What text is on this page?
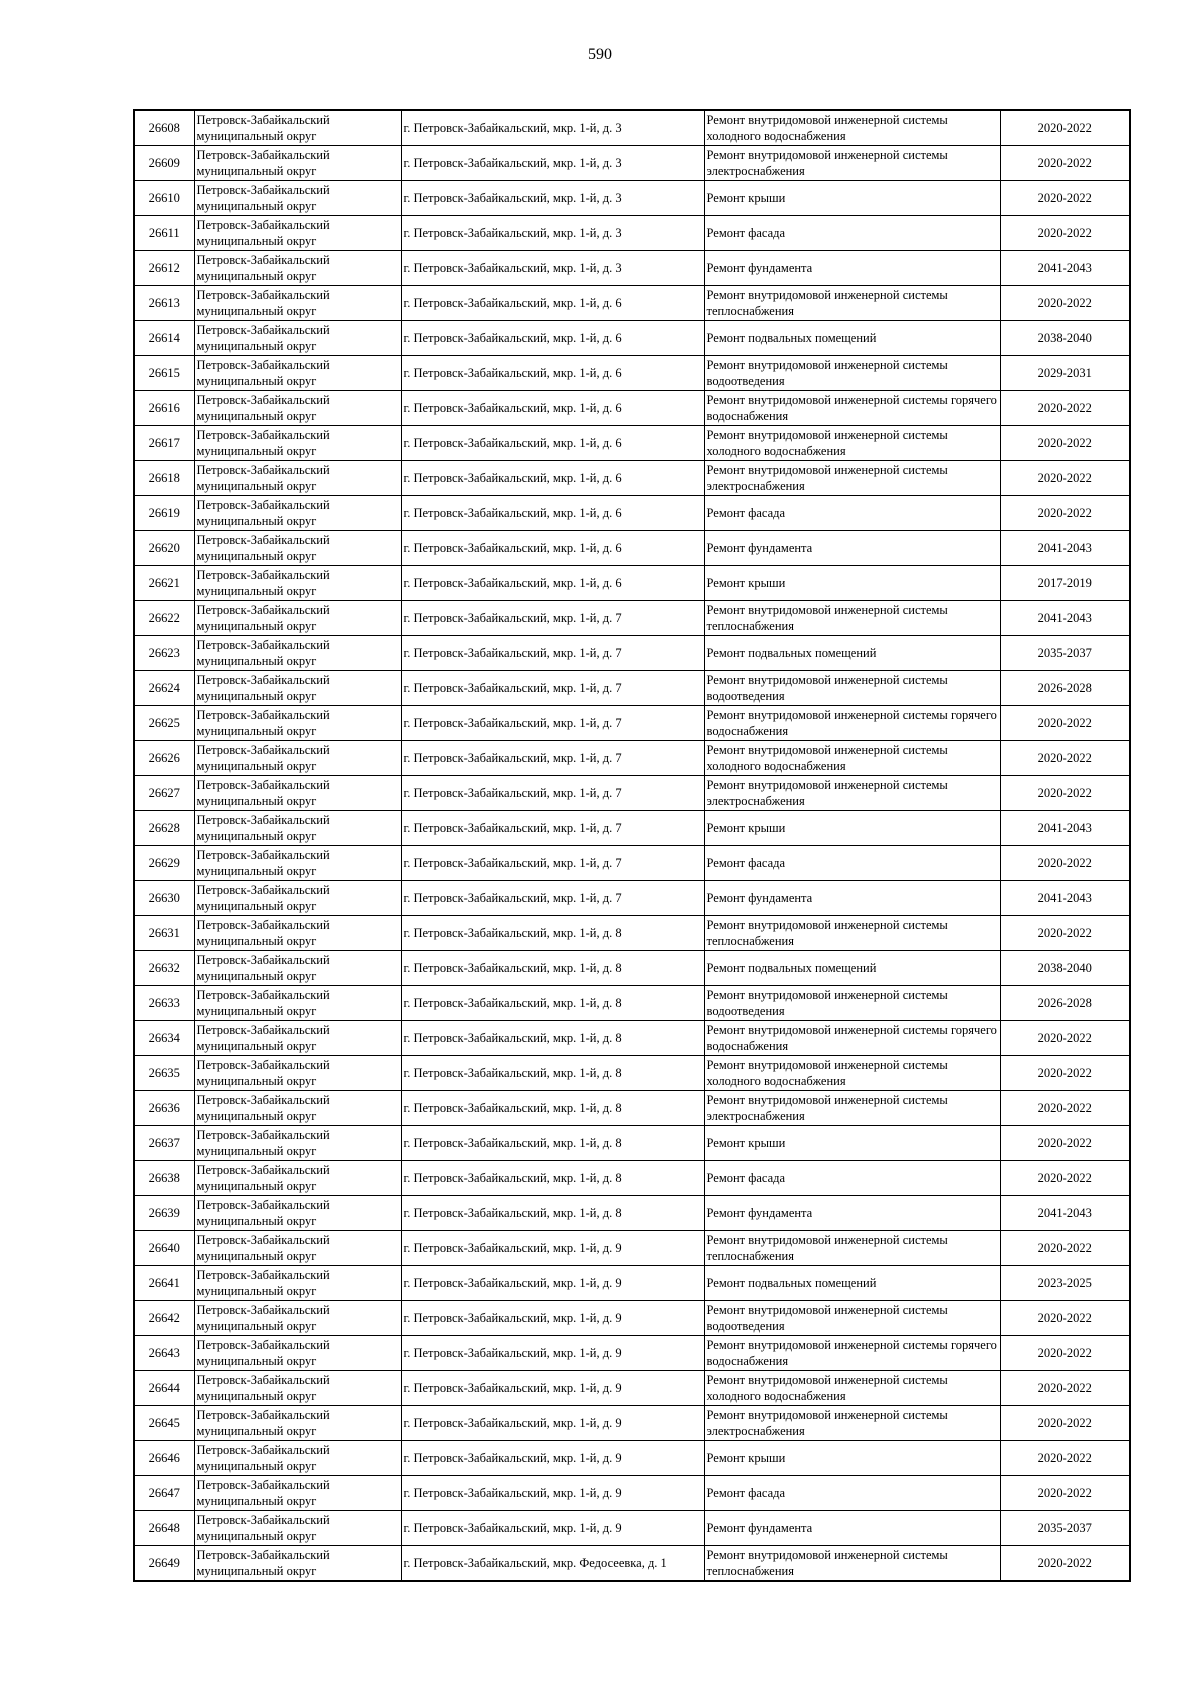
590
26608	Петровск-Забайкальский муниципальный округ	г. Петровск-Забайкальский, мкр. 1-й, д. 3	Ремонт внутридомовой инженерной системы холодного водоснабжения	2020-2022
26609	Петровск-Забайкальский муниципальный округ	г. Петровск-Забайкальский, мкр. 1-й, д. 3	Ремонт внутридомовой инженерной системы электроснабжения	2020-2022
26610	Петровск-Забайкальский муниципальный округ	г. Петровск-Забайкальский, мкр. 1-й, д. 3	Ремонт крыши	2020-2022
26611	Петровск-Забайкальский муниципальный округ	г. Петровск-Забайкальский, мкр. 1-й, д. 3	Ремонт фасада	2020-2022
26612	Петровск-Забайкальский муниципальный округ	г. Петровск-Забайкальский, мкр. 1-й, д. 3	Ремонт фундамента	2041-2043
26613	Петровск-Забайкальский муниципальный округ	г. Петровск-Забайкальский, мкр. 1-й, д. 6	Ремонт внутридомовой инженерной системы теплоснабжения	2020-2022
26614	Петровск-Забайкальский муниципальный округ	г. Петровск-Забайкальский, мкр. 1-й, д. 6	Ремонт подвальных помещений	2038-2040
26615	Петровск-Забайкальский муниципальный округ	г. Петровск-Забайкальский, мкр. 1-й, д. 6	Ремонт внутридомовой инженерной системы водоотведения	2029-2031
26616	Петровск-Забайкальский муниципальный округ	г. Петровск-Забайкальский, мкр. 1-й, д. 6	Ремонт внутридомовой инженерной системы горячего водоснабжения	2020-2022
26617	Петровск-Забайкальский муниципальный округ	г. Петровск-Забайкальский, мкр. 1-й, д. 6	Ремонт внутридомовой инженерной системы холодного водоснабжения	2020-2022
26618	Петровск-Забайкальский муниципальный округ	г. Петровск-Забайкальский, мкр. 1-й, д. 6	Ремонт внутридомовой инженерной системы электроснабжения	2020-2022
26619	Петровск-Забайкальский муниципальный округ	г. Петровск-Забайкальский, мкр. 1-й, д. 6	Ремонт фасада	2020-2022
26620	Петровск-Забайкальский муниципальный округ	г. Петровск-Забайкальский, мкр. 1-й, д. 6	Ремонт фундамента	2041-2043
26621	Петровск-Забайкальский муниципальный округ	г. Петровск-Забайкальский, мкр. 1-й, д. 6	Ремонт крыши	2017-2019
26622	Петровск-Забайкальский муниципальный округ	г. Петровск-Забайкальский, мкр. 1-й, д. 7	Ремонт внутридомовой инженерной системы теплоснабжения	2041-2043
26623	Петровск-Забайкальский муниципальный округ	г. Петровск-Забайкальский, мкр. 1-й, д. 7	Ремонт подвальных помещений	2035-2037
26624	Петровск-Забайкальский муниципальный округ	г. Петровск-Забайкальский, мкр. 1-й, д. 7	Ремонт внутридомовой инженерной системы водоотведения	2026-2028
26625	Петровск-Забайкальский муниципальный округ	г. Петровск-Забайкальский, мкр. 1-й, д. 7	Ремонт внутридомовой инженерной системы горячего водоснабжения	2020-2022
26626	Петровск-Забайкальский муниципальный округ	г. Петровск-Забайкальский, мкр. 1-й, д. 7	Ремонт внутридомовой инженерной системы холодного водоснабжения	2020-2022
26627	Петровск-Забайкальский муниципальный округ	г. Петровск-Забайкальский, мкр. 1-й, д. 7	Ремонт внутридомовой инженерной системы электроснабжения	2020-2022
26628	Петровск-Забайкальский муниципальный округ	г. Петровск-Забайкальский, мкр. 1-й, д. 7	Ремонт крыши	2041-2043
26629	Петровск-Забайкальский муниципальный округ	г. Петровск-Забайкальский, мкр. 1-й, д. 7	Ремонт фасада	2020-2022
26630	Петровск-Забайкальский муниципальный округ	г. Петровск-Забайкальский, мкр. 1-й, д. 7	Ремонт фундамента	2041-2043
26631	Петровск-Забайкальский муниципальный округ	г. Петровск-Забайкальский, мкр. 1-й, д. 8	Ремонт внутридомовой инженерной системы теплоснабжения	2020-2022
26632	Петровск-Забайкальский муниципальный округ	г. Петровск-Забайкальский, мкр. 1-й, д. 8	Ремонт подвальных помещений	2038-2040
26633	Петровск-Забайкальский муниципальный округ	г. Петровск-Забайкальский, мкр. 1-й, д. 8	Ремонт внутридомовой инженерной системы водоотведения	2026-2028
26634	Петровск-Забайкальский муниципальный округ	г. Петровск-Забайкальский, мкр. 1-й, д. 8	Ремонт внутридомовой инженерной системы горячего водоснабжения	2020-2022
26635	Петровск-Забайкальский муниципальный округ	г. Петровск-Забайкальский, мкр. 1-й, д. 8	Ремонт внутридомовой инженерной системы холодного водоснабжения	2020-2022
26636	Петровск-Забайкальский муниципальный округ	г. Петровск-Забайкальский, мкр. 1-й, д. 8	Ремонт внутридомовой инженерной системы электроснабжения	2020-2022
26637	Петровск-Забайкальский муниципальный округ	г. Петровск-Забайкальский, мкр. 1-й, д. 8	Ремонт крыши	2020-2022
26638	Петровск-Забайкальский муниципальный округ	г. Петровск-Забайкальский, мкр. 1-й, д. 8	Ремонт фасада	2020-2022
26639	Петровск-Забайкальский муниципальный округ	г. Петровск-Забайкальский, мкр. 1-й, д. 8	Ремонт фундамента	2041-2043
26640	Петровск-Забайкальский муниципальный округ	г. Петровск-Забайкальский, мкр. 1-й, д. 9	Ремонт внутридомовой инженерной системы теплоснабжения	2020-2022
26641	Петровск-Забайкальский муниципальный округ	г. Петровск-Забайкальский, мкр. 1-й, д. 9	Ремонт подвальных помещений	2023-2025
26642	Петровск-Забайкальский муниципальный округ	г. Петровск-Забайкальский, мкр. 1-й, д. 9	Ремонт внутридомовой инженерной системы водоотведения	2020-2022
26643	Петровск-Забайкальский муниципальный округ	г. Петровск-Забайкальский, мкр. 1-й, д. 9	Ремонт внутридомовой инженерной системы горячего водоснабжения	2020-2022
26644	Петровск-Забайкальский муниципальный округ	г. Петровск-Забайкальский, мкр. 1-й, д. 9	Ремонт внутридомовой инженерной системы холодного водоснабжения	2020-2022
26645	Петровск-Забайкальский муниципальный округ	г. Петровск-Забайкальский, мкр. 1-й, д. 9	Ремонт внутридомовой инженерной системы электроснабжения	2020-2022
26646	Петровск-Забайкальский муниципальный округ	г. Петровск-Забайкальский, мкр. 1-й, д. 9	Ремонт крыши	2020-2022
26647	Петровск-Забайкальский муниципальный округ	г. Петровск-Забайкальский, мкр. 1-й, д. 9	Ремонт фасада	2020-2022
26648	Петровск-Забайкальский муниципальный округ	г. Петровск-Забайкальский, мкр. 1-й, д. 9	Ремонт фундамента	2035-2037
26649	Петровск-Забайкальский муниципальный округ	г. Петровск-Забайкальский, мкр. Федосеевка, д. 1	Ремонт внутридомовой инженерной системы теплоснабжения	2020-2022
